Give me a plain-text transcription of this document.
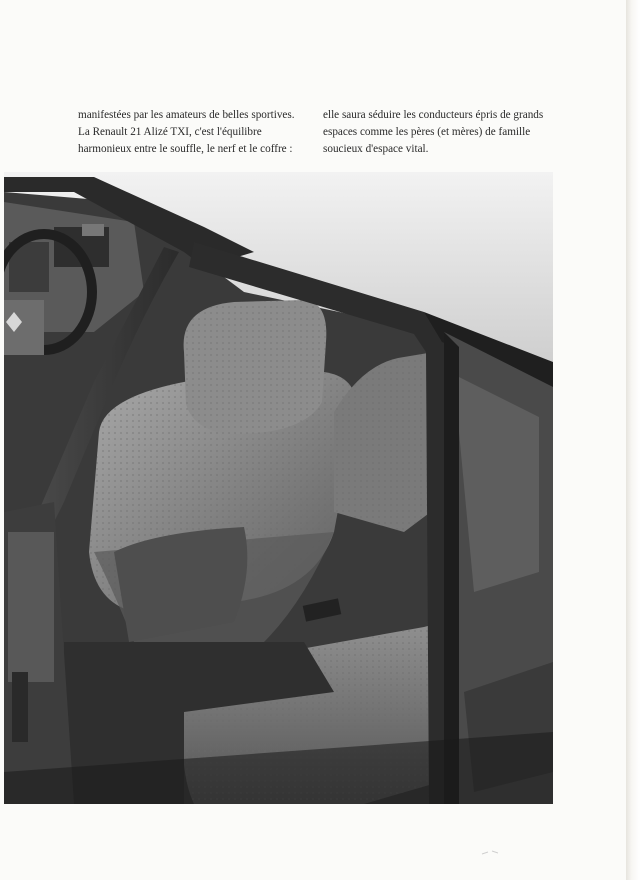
manifestées par les amateurs de belles sportives.
La Renault 21 Alizé TXI, c'est l'équilibre
harmonieux entre le souffle, le nerf et le coffre :

elle saura séduire les conducteurs épris de grands
espaces comme les pères (et mères) de famille
soucieux d'espace vital.
